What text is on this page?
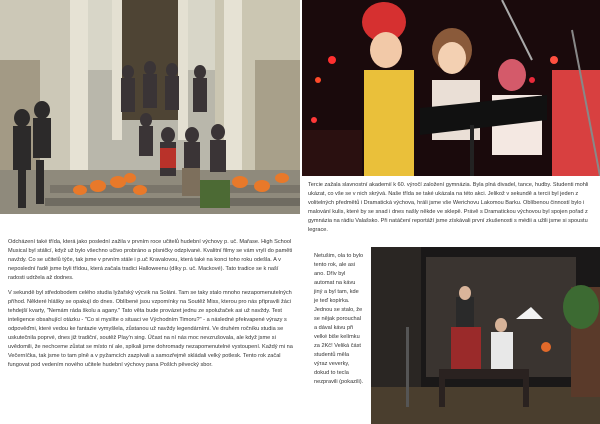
Tercie zažala slavnostní akademií k 60. výročí založení gymnázia. Byla plná divadel, tance, hudby. Studenti mohli ukázat, co vše se v nich skrývá. Naše třída se také ukázala na této akci. Jelikož v sekundě a tercii byl jeden z volitelných předmětů i Dramatická výchova, hráli jsme vše Werichovu Lakomou Barku. Oblíbenou činností bylo i malování kulis, které by se snad i dnes našly někde ve sklepě. Právě s Dramatickou výchovou byl spojen pořad z gymnázia na rádiu Valašsko. Při natáčení reportáží jsme získávali první zkušenosti s médii a užili jsme si spoustu legrace.

Odcházení také třída, která jako poslední zažila v prvním roce učitelů hudební výchovy p. uč. Mařase. High School Musical byl stálicí, když už bylo všechno učivo probráno a písničky odzpívané. Kvalitní filmy se vám vrylí do paměti navždy. Co se učitelů týče, tak jsme v prvním stále i p.uč Kravalovou, která také na konci toho roku odešla. A v neposlední řadě jsme byli třídou, která začala tradici Halloweenu (díky p. uč. Mackové). Tato tradice se k naší radosti udržela až dodnes.

V sekundě byl středobodem celého studia lyžařský výcvik na Soláni. Tam se taky stalo mnoho nezapomenutelných příhod. Některé hlášky se opakují do dnes. Oblíbené jsou vzpomínky na Soutěž Miss, kterou pro nás připravili žáci tehdejší kvarty, "Nemám ráda školu a agany." Tato věta bude provázet jednu ze spolužaček asi už navždy. Test inteligence obsahující otázku - "Co si myslíte o situaci ve Východním Timoru?" - a následné překvapené výrazy s odpověďmi, které vedou ke fantazie vymyšlela, zůstanou už navždy legendárními. Ve druhém ročníku studia se uskutečnila poprvé, dnes již tradiční, soutěž Play'n sing. Účast na ní nás moc nevzrušovala, ale když jsme si uvědomili, že nechceme zůstat se místo ní ale, spíkali jsme dohromady nezapomenutelné vystoupení. Každý mi na Večerníčka, tak jsme to tam plně a v pyžamcích zazpívali a samozřejmě skládali velký potlesk. Tento rok začal fungovat pod vedením nového učitele hudební výchovy pana Pošlch pěvecký sbor.

Netušim, ola to bylo tento rok, ale asi ano. Dřív byl automat na kávu jiný a byl tam, kde je teď kopírka. Jednou se stalo, že se nějak porouchal a dával kávu při velké biše kelímku za 2Kč! Veliká část studentů měla výraz veverky, dokud to tecla nezpravili (pokazili).
